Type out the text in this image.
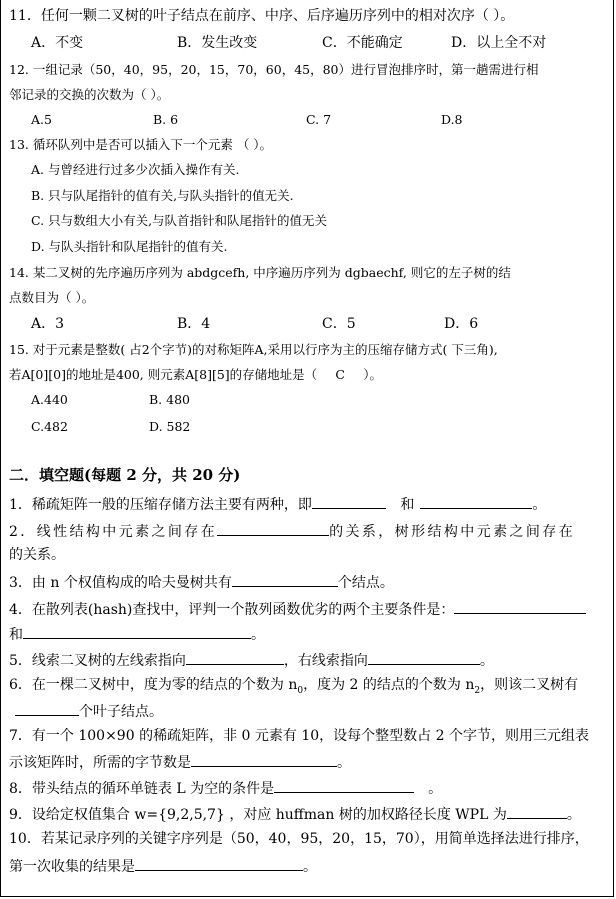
11．任何一颗二叉树的叶子结点在前序、中序、后序遍历序列中的相对次序（ ）。
A．不变	B．发生改变	C．不能确定	D．以上全不对
12. 一组记录（50，40，95，20，15，70，60，45，80）进行冒泡排序时，第一趟需进行相
邻记录的交换的次数为（ ）。
A.5	B. 6	C. 7	D.8
13. 循环队列中是否可以插入下一个元素 （ ）。
A. 与曾经进行过多少次插入操作有关.
B. 只与队尾指针的值有关,与队头指针的值无关.
C. 只与数组大小有关,与队首指针和队尾指针的值无关
D. 与队头指针和队尾指针的值有关.
14. 某二叉树的先序遍历序列为 abdgcefh, 中序遍历序列为 dgbaechf, 则它的左子树的结
点数目为（ ）。
A．3	B．4	C．5	D．6
15. 对于元素是整数( 占2个字节)的对称矩阵A,采用以行序为主的压缩存储方式( 下三角),
若A[0][0]的地址是400, 则元素A[8][5]的存储地址是（ C ）。
A.440	B. 480
C.482	D. 582
二．填空题(每题 2 分，共 20 分)
1．稀疏矩阵一般的压缩存储方法主要有两种，即	和	。
2．线性结构中元素之间存在	的关系，树形结构中元素之间存在
的关系。
3．由 n 个权值构成的哈夫曼树共有	个结点。
4．在散列表(hash)查找中，评判一个散列函数优劣的两个主要条件是：
和	。
5．线索二叉树的左线索指向	，右线索指向	。
6．在一棵二叉树中，度为零的结点的个数为 $n_0$，度为 2 的结点的个数为 $n_2$，则该二叉树有
个叶子结点。
7．有一个 100×90 的稀疏矩阵，非 0 元素有 10，设每个整型数占 2 个字节，则用三元组表
示该矩阵时，所需的字节数是	。
8．带头结点的循环单链表 L 为空的条件是	。
9．设给定权值集合 w={9,2,5,7} ，对应 huffman 树的加权路径长度 WPL 为	。
10．若某记录序列的关键字序列是（50，40，95，20，15，70），用简单选择法进行排序，
第一次收集的结果是	。
